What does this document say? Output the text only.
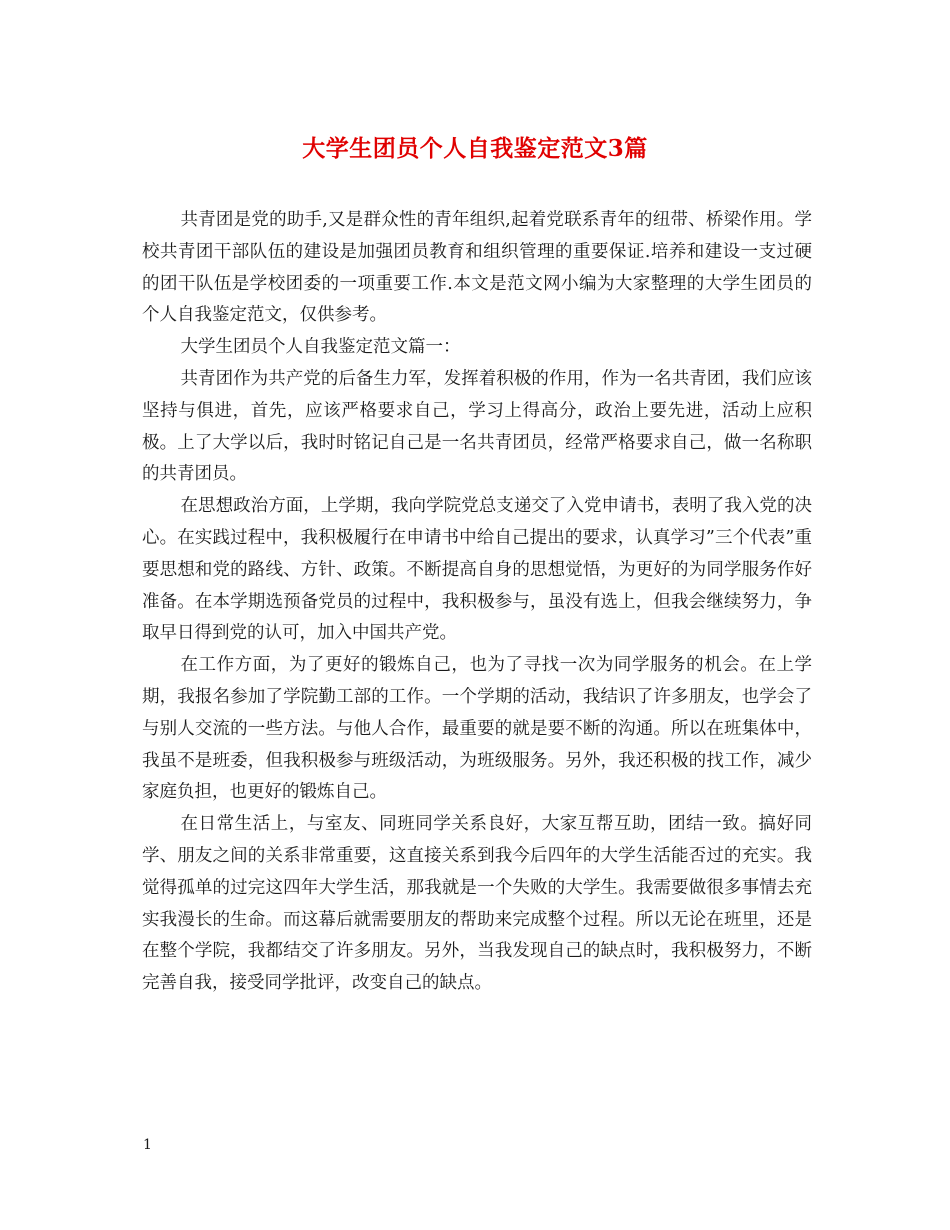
大学生团员个人自我鉴定范文3篇

共青团是党的助手,又是群众性的青年组织,起着党联系青年的纽带、桥梁作用。学校共青团干部队伍的建设是加强团员教育和组织管理的重要保证.培养和建设一支过硬的团干队伍是学校团委的一项重要工作.本文是范文网小编为大家整理的大学生团员的个人自我鉴定范文，仅供参考。

大学生团员个人自我鉴定范文篇一：

共青团作为共产党的后备生力军，发挥着积极的作用，作为一名共青团，我们应该坚持与俱进，首先，应该严格要求自己，学习上得高分，政治上要先进，活动上应积极。上了大学以后，我时时铭记自己是一名共青团员，经常严格要求自己，做一名称职的共青团员。

在思想政治方面，上学期，我向学院党总支递交了入党申请书，表明了我入党的决心。在实践过程中，我积极履行在申请书中给自己提出的要求，认真学习”三个代表”重要思想和党的路线、方针、政策。不断提高自身的思想觉悟，为更好的为同学服务作好准备。在本学期选预备党员的过程中，我积极参与，虽没有选上，但我会继续努力，争取早日得到党的认可，加入中国共产党。

在工作方面，为了更好的锻炼自己，也为了寻找一次为同学服务的机会。在上学期，我报名参加了学院勤工部的工作。一个学期的活动，我结识了许多朋友，也学会了与别人交流的一些方法。与他人合作，最重要的就是要不断的沟通。所以在班集体中，我虽不是班委，但我积极参与班级活动，为班级服务。另外，我还积极的找工作，减少家庭负担，也更好的锻炼自己。

在日常生活上，与室友、同班同学关系良好，大家互帮互助，团结一致。搞好同学、朋友之间的关系非常重要，这直接关系到我今后四年的大学生活能否过的充实。我觉得孤单的过完这四年大学生活，那我就是一个失败的大学生。我需要做很多事情去充实我漫长的生命。而这幕后就需要朋友的帮助来完成整个过程。所以无论在班里，还是在整个学院，我都结交了许多朋友。另外，当我发现自己的缺点时，我积极努力，不断完善自我，接受同学批评，改变自己的缺点。

1
